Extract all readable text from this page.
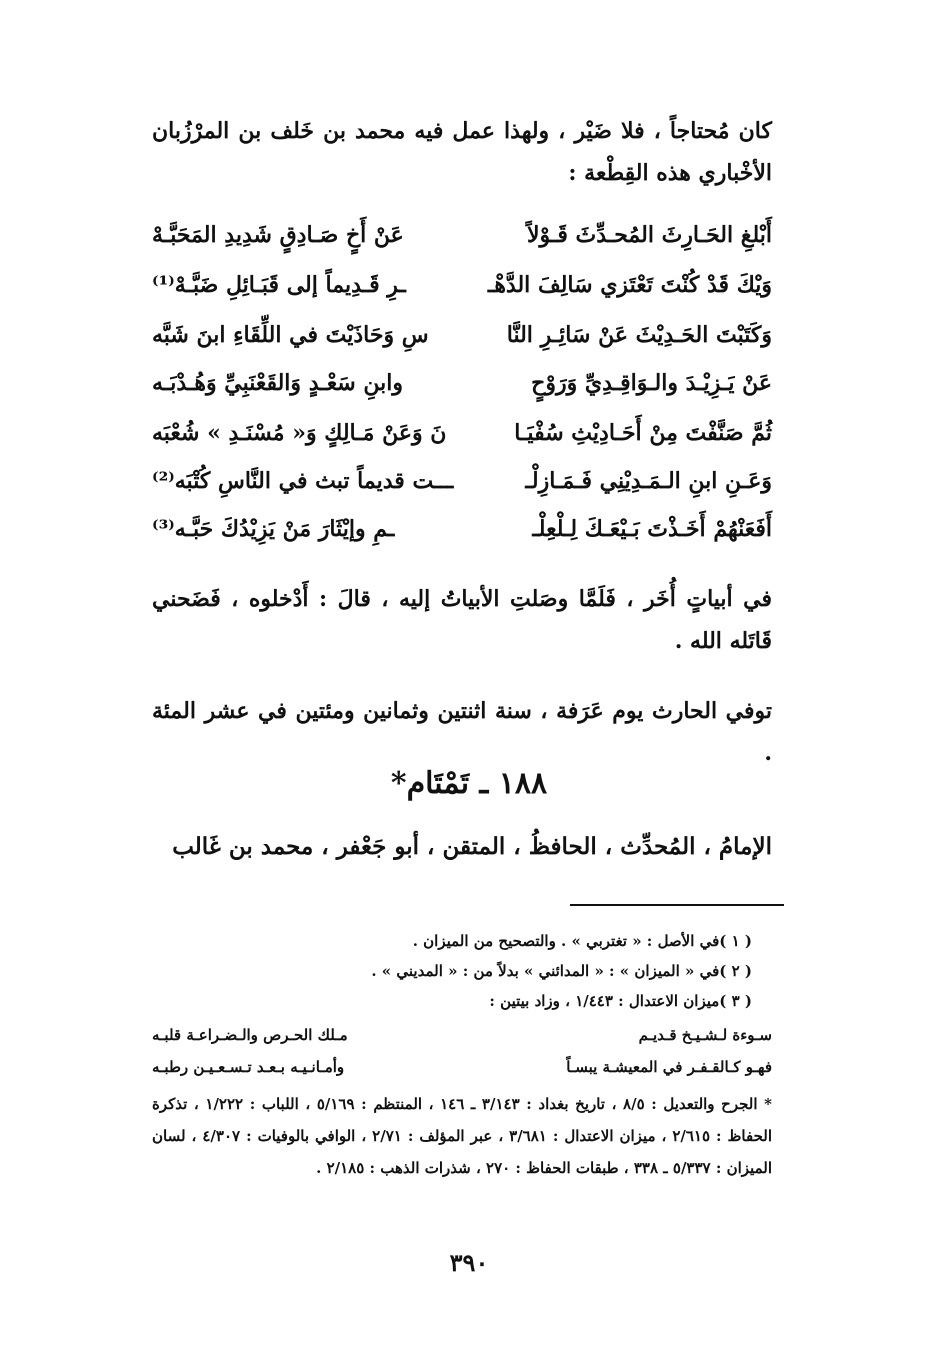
كان مُحتاجاً ، فلا ضَيْر ، ولهذا عمل فيه محمد بن خَلف بن المرْزُبان الأخْباري هذه القِطْعة :
أَبْلغِ الحَـارِثَ المُحـدِّثَ قَـوْلاً
عَنْ أَخٍ صَـادِقٍ شَدِيدِ المَحَبَّـهْ
وَيْكَ قَدْ كُنْتَ تَعْتَزي سَالِفَ الدَّهْـ
ـرِ قَـدِيماً إلى قَبَـائِلِ ضَبَّـهْ⁽¹⁾
وَكَتَبْتَ الحَـدِيْثَ عَنْ سَائِـرِ النَّا
سِ وَحَاذَيْتَ في اللِّقَاءِ ابنَ شَبَّه
عَنْ يَـزِيْـدَ والـوَاقِـدِيِّ وَرَوْحٍ
وابنِ سَعْـدٍ وَالقَعْنَبِيِّ وَهُـدْبَـه
ثُمَّ صَنَّفْتَ مِنْ أَحَـادِيْثِ سُفْيَـا
نَ وَعَنْ مَـالِكٍ وَ« مُسْنَـدِ » شُعْبَه
وَعَـنِ ابنِ الـمَـدِيْنِي فَـمَـازِلْـ
ـــت قديماً تبث في النَّاسِ كُتْبَه⁽²⁾
أَفَعَنْهُمْ أَخَـذْتَ بَـيْعَـكَ لِـلْعِلْـ
ـمِ وإيْثَارَ مَنْ يَزِيْدُكَ حَبَّـه⁽³⁾
في أبياتٍ أُخَر ، فَلَمَّا وصَلتِ الأبياتُ إليه ، قالَ : أَدْخلوه ، فَضَحني قَاتَله الله .
توفي الحارث يوم عَرَفة ، سنة اثنتين وثمانين ومئتين في عشر المئة .
١٨٨ ـ تَمْتَام*
الإمامُ ، المُحدِّث ، الحافظُ ، المتقن ، أبو جَعْفر ، محمد بن غَالب
( ١ )في الأصل : « تغتربي » . والتصحيح من الميزان .
( ٢ )في « الميزان » : « المدائني » بدلاً من : « المديني » .
( ٣ )ميزان الاعتدال : ١/٤٤٣ ، وزاد بيتين :
سـوءة لـشـيـخ قـديـم
مـلك الحـرص والـضـراعـة قلبـه
فهـو كـالقـفـر في المعيشـة يبسـاً
وأمـانـيـه بـعـد تـسـعـيـن رطبـه
* الجرح والتعديل : ٨/٥ ، تاريخ بغداد : ٣/١٤٣ ـ ١٤٦ ، المنتظم : ٥/١٦٩ ، اللباب : ١/٢٢٢ ، تذكرة الحفاظ : ٢/٦١٥ ، ميزان الاعتدال : ٣/٦٨١ ، عبر المؤلف : ٢/٧١ ، الوافي بالوفيات : ٤/٣٠٧ ، لسان الميزان : ٥/٣٣٧ ـ ٣٣٨ ، طبقات الحفاظ : ٢٧٠ ، شذرات الذهب : ٢/١٨٥ .
٣٩٠
